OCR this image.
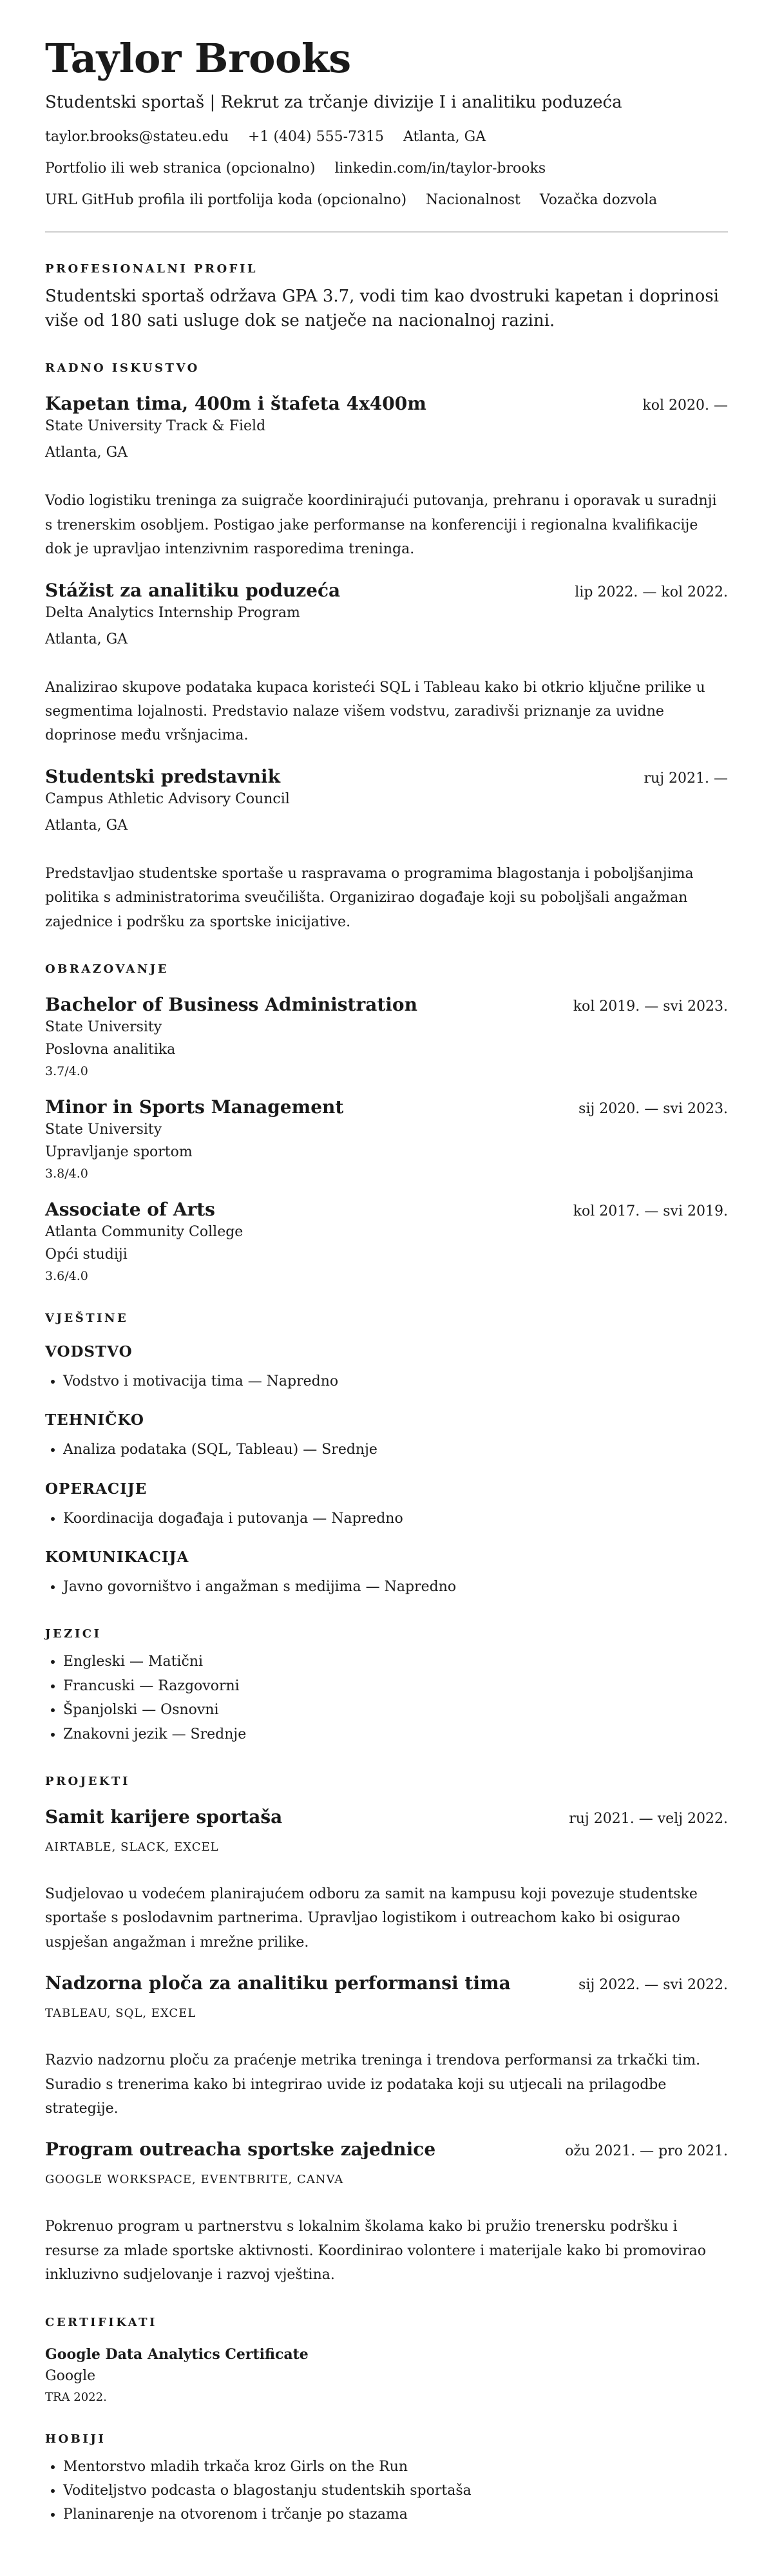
Taylor Brooks
Studentski sportaš | Rekrut za trčanje divizije I i analitiku poduzeća
taylor.brooks@stateu.edu +1 (404) 555-7315 Atlanta, GA
Portfolio ili web stranica (opcionalno) linkedin.com/in/taylor-brooks
URL GitHub profila ili portfolija koda (opcionalno) Nacionalnost Vozačka dozvola
PROFESIONALNI PROFIL
Studentski sportaš održava GPA 3.7, vodi tim kao dvostruki kapetan i doprinosi više od 180 sati usluge dok se natječe na nacionalnoj razini.
RADNO ISKUSTVO
Kapetan tima, 400m i štafeta 4x400m	kol 2020. —
State University Track & Field
Atlanta, GA
Vodio logistiku treninga za suigrače koordinirajući putovanja, prehranu i oporavak u suradnji s trenerskim osobljem. Postigao jake performanse na konferenciji i regionalna kvalifikacije dok je upravljao intenzivnim rasporedima treninga.
Stážist za analitiku poduzeća	lip 2022. — kol 2022.
Delta Analytics Internship Program
Atlanta, GA
Analizirao skupove podataka kupaca koristeći SQL i Tableau kako bi otkrio ključne prilike u segmentima lojalnosti. Predstavio nalaze višem vodstvu, zaradivši priznanje za uvidne doprinose među vršnjacima.
Studentski predstavnik	ruj 2021. —
Campus Athletic Advisory Council
Atlanta, GA
Predstavljao studentske sportaše u raspravama o programima blagostanja i poboljšanjima politika s administratorima sveučilišta. Organizirao događaje koji su poboljšali angažman zajednice i podršku za sportske inicijative.
OBRAZOVANJE
Bachelor of Business Administration	kol 2019. — svi 2023.
State University
Poslovna analitika
3.7/4.0
Minor in Sports Management	sij 2020. — svi 2023.
State University
Upravljanje sportom
3.8/4.0
Associate of Arts	kol 2017. — svi 2019.
Atlanta Community College
Opći studiji
3.6/4.0
VJEŠTINE
VODSTVO
• Vodstvo i motivacija tima — Napredno
TEHNIČKO
• Analiza podataka (SQL, Tableau) — Srednje
OPERACIJE
• Koordinacija događaja i putovanja — Napredno
KOMUNIKACIJA
• Javno govorništvo i angažman s medijima — Napredno
JEZICI
• Engleski — Matični
• Francuski — Razgovorni
• Španjolski — Osnovni
• Znakovni jezik — Srednje
PROJEKTI
Samit karijere sportaša	ruj 2021. — velj 2022.
AIRTABLE, SLACK, EXCEL
Sudjelovao u vodećem planirajućem odboru za samit na kampusu koji povezuje studentske sportaše s poslodavnim partnerima. Upravljao logistikom i outreachom kako bi osigurao uspješan angažman i mrežne prilike.
Nadzorna ploča za analitiku performansi tima	sij 2022. — svi 2022.
TABLEAU, SQL, EXCEL
Razvio nadzornu ploču za praćenje metrika treninga i trendova performansi za trkački tim. Suradio s trenerima kako bi integrirao uvide iz podataka koji su utjecali na prilagodbe strategije.
Program outreacha sportske zajednice	ožu 2021. — pro 2021.
GOOGLE WORKSPACE, EVENTBRITE, CANVA
Pokrenuo program u partnerstvu s lokalnim školama kako bi pružio trenersku podršku i resurse za mlade sportske aktivnosti. Koordinirao volontere i materijale kako bi promovirao inkluzivno sudjelovanje i razvoj vještina.
CERTIFIKATI
Google Data Analytics Certificate
Google
TRA 2022.
HOBIJI
• Mentorstvo mladih trkača kroz Girls on the Run
• Voditeljstvo podcasta o blagostanju studentskih sportaša
• Planinarenje na otvorenom i trčanje po stazama
